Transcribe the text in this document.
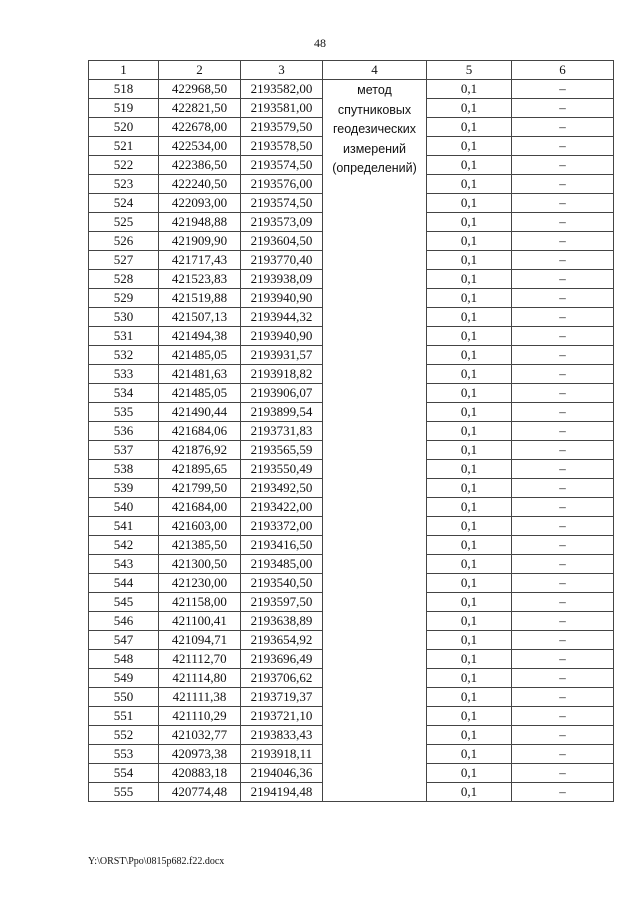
48
1	2	3	4	5	6
518	422968,50	2193582,00	метод
спутниковых
геодезических
измерений
(определений)	0,1	–
519	422821,50	2193581,00		0,1	–
520	422678,00	2193579,50		0,1	–
521	422534,00	2193578,50		0,1	–
522	422386,50	2193574,50		0,1	–
523	422240,50	2193576,00		0,1	–
524	422093,00	2193574,50		0,1	–
525	421948,88	2193573,09		0,1	–
526	421909,90	2193604,50		0,1	–
527	421717,43	2193770,40		0,1	–
528	421523,83	2193938,09		0,1	–
529	421519,88	2193940,90		0,1	–
530	421507,13	2193944,32		0,1	–
531	421494,38	2193940,90		0,1	–
532	421485,05	2193931,57		0,1	–
533	421481,63	2193918,82		0,1	–
534	421485,05	2193906,07		0,1	–
535	421490,44	2193899,54		0,1	–
536	421684,06	2193731,83		0,1	–
537	421876,92	2193565,59		0,1	–
538	421895,65	2193550,49		0,1	–
539	421799,50	2193492,50		0,1	–
540	421684,00	2193422,00		0,1	–
541	421603,00	2193372,00		0,1	–
542	421385,50	2193416,50		0,1	–
543	421300,50	2193485,00		0,1	–
544	421230,00	2193540,50		0,1	–
545	421158,00	2193597,50		0,1	–
546	421100,41	2193638,89		0,1	–
547	421094,71	2193654,92		0,1	–
548	421112,70	2193696,49		0,1	–
549	421114,80	2193706,62		0,1	–
550	421111,38	2193719,37		0,1	–
551	421110,29	2193721,10		0,1	–
552	421032,77	2193833,43		0,1	–
553	420973,38	2193918,11		0,1	–
554	420883,18	2194046,36		0,1	–
555	420774,48	2194194,48		0,1	–
Y:\ORST\Ppo\0815p682.f22.docx
